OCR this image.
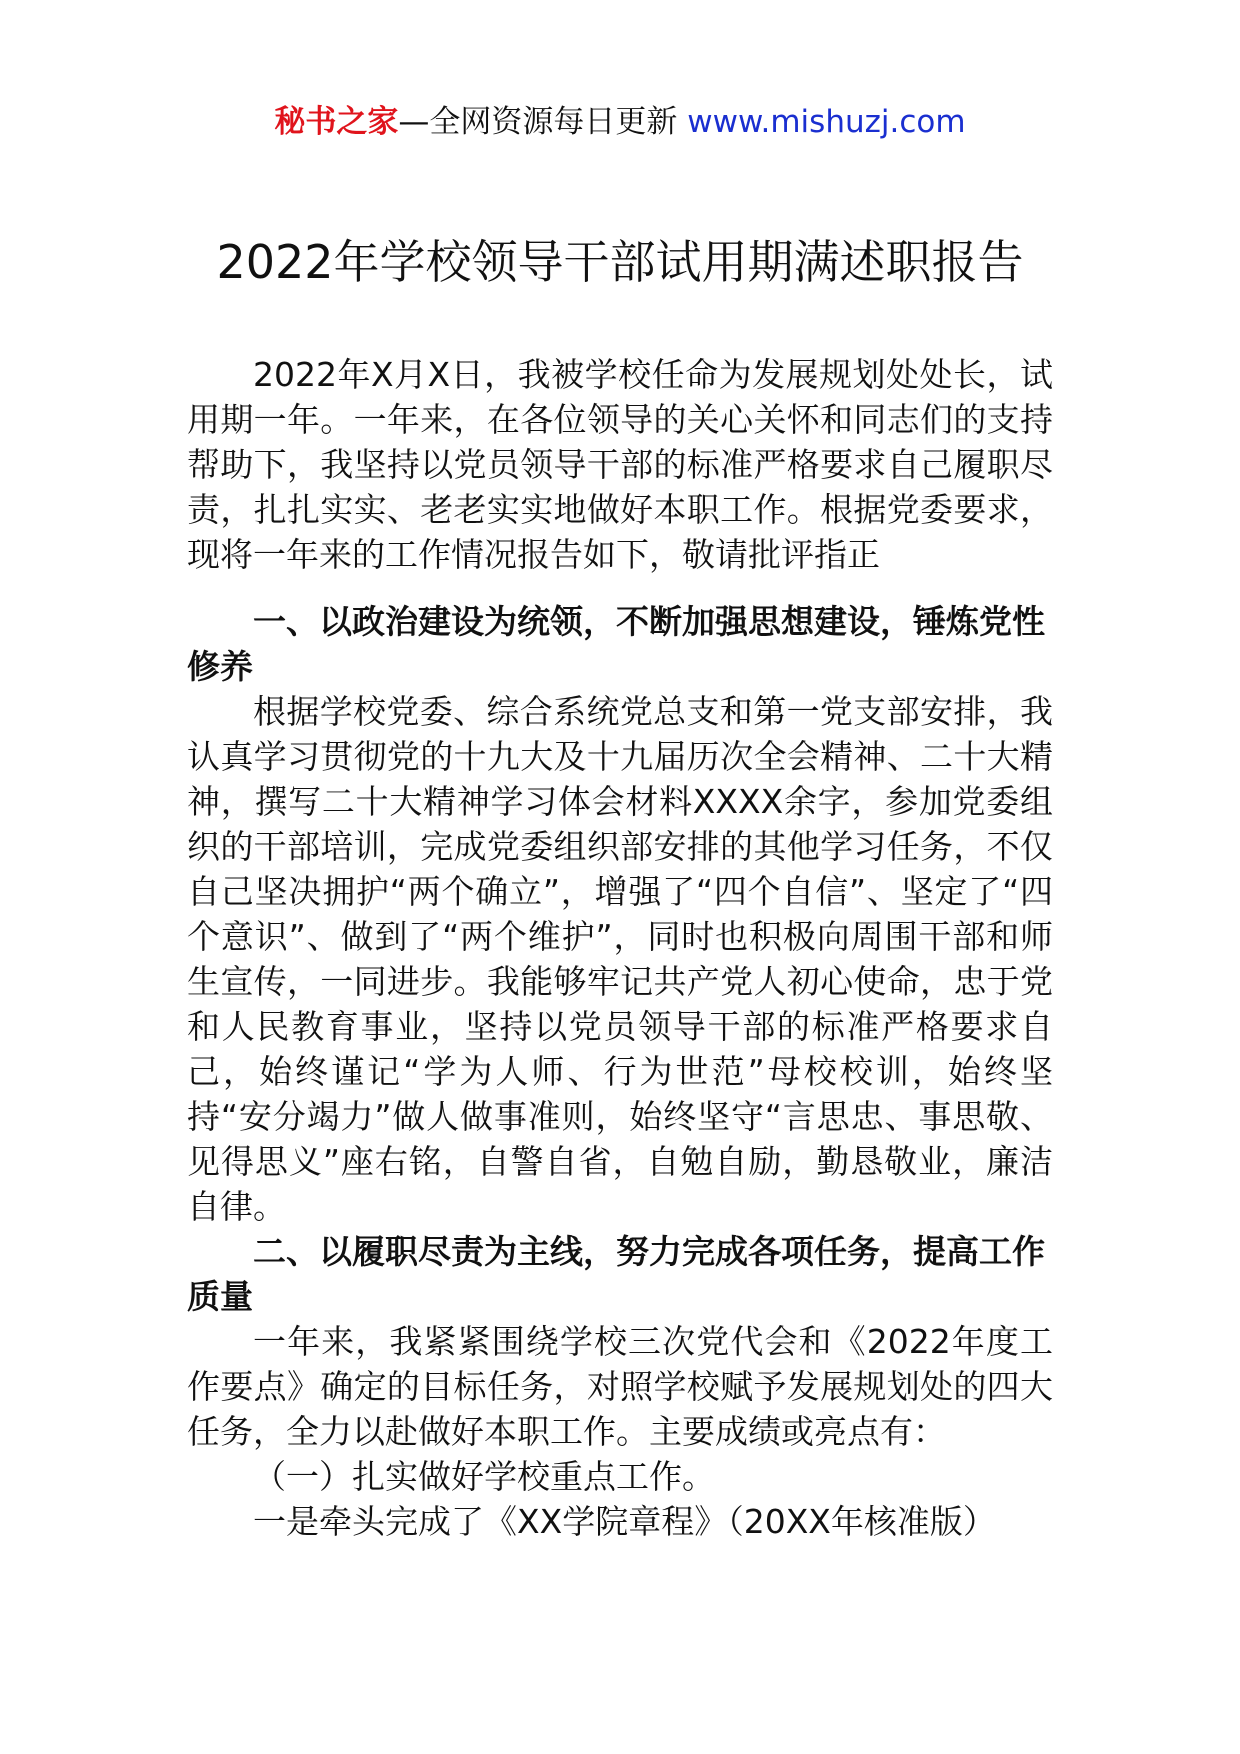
秘书之家—全网资源每日更新 www.mishuzj.com
2022年学校领导干部试用期满述职报告

2022年X月X日，我被学校任命为发展规划处处长，试用期一年。一年来，在各位领导的关心关怀和同志们的支持帮助下，我坚持以党员领导干部的标准严格要求自己履职尽责，扎扎实实、老老实实地做好本职工作。根据党委要求，现将一年来的工作情况报告如下，敬请批评指正

一、以政治建设为统领，不断加强思想建设，锤炼党性修养

根据学校党委、综合系统党总支和第一党支部安排，我认真学习贯彻党的十九大及十九届历次全会精神、二十大精神，撰写二十大精神学习体会材料XXXX余字，参加党委组织的干部培训，完成党委组织部安排的其他学习任务，不仅自己坚决拥护“两个确立”，增强了“四个自信”、坚定了“四个意识”、做到了“两个维护”，同时也积极向周围干部和师生宣传，一同进步。我能够牢记共产党人初心使命，忠于党和人民教育事业，坚持以党员领导干部的标准严格要求自己，始终谨记“学为人师、行为世范”母校校训，始终坚持“安分竭力”做人做事准则，始终坚守“言思忠、事思敬、见得思义”座右铭，自警自省，自勉自励，勤恳敬业，廉洁自律。

二、以履职尽责为主线，努力完成各项任务，提高工作质量

一年来，我紧紧围绕学校三次党代会和《2022年度工作要点》确定的目标任务，对照学校赋予发展规划处的四大任务，全力以赴做好本职工作。主要成绩或亮点有：

（一）扎实做好学校重点工作。

一是牵头完成了《XX学院章程》（20XX年核准版）
